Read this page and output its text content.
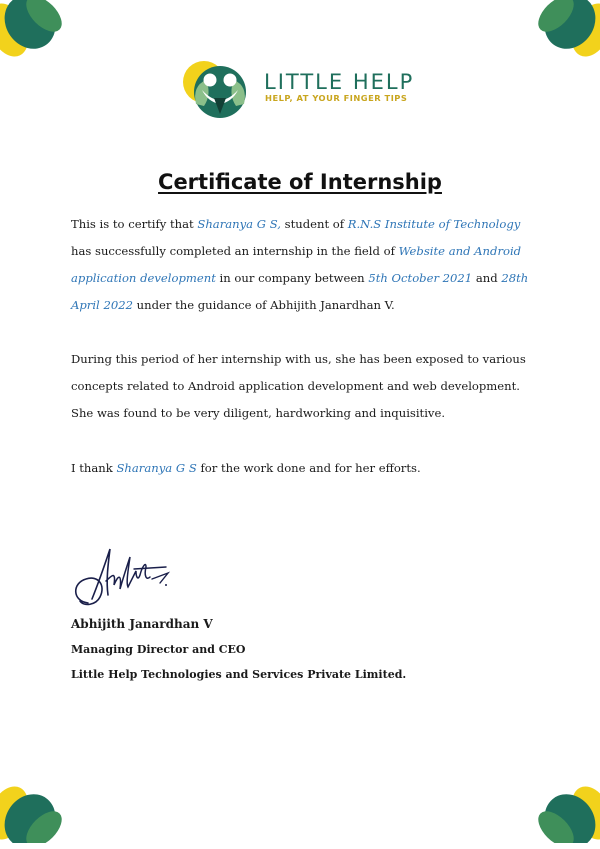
LITTLE HELP
HELP, AT YOUR FINGER TIPS
Certificate of Internship
This is to certify that Sharanya G S, student of R.N.S Institute of Technology has successfully completed an internship in the field of Website and Android application development in our company between 5th October 2021 and 28th April 2022 under the guidance of Abhijith Janardhan V.
During this period of her internship with us, she has been exposed to various concepts related to Android application development and web development. She was found to be very diligent, hardworking and inquisitive.
I thank Sharanya G S for the work done and for her efforts.
Abhijith Janardhan V
Managing Director and CEO
Little Help Technologies and Services Private Limited.
